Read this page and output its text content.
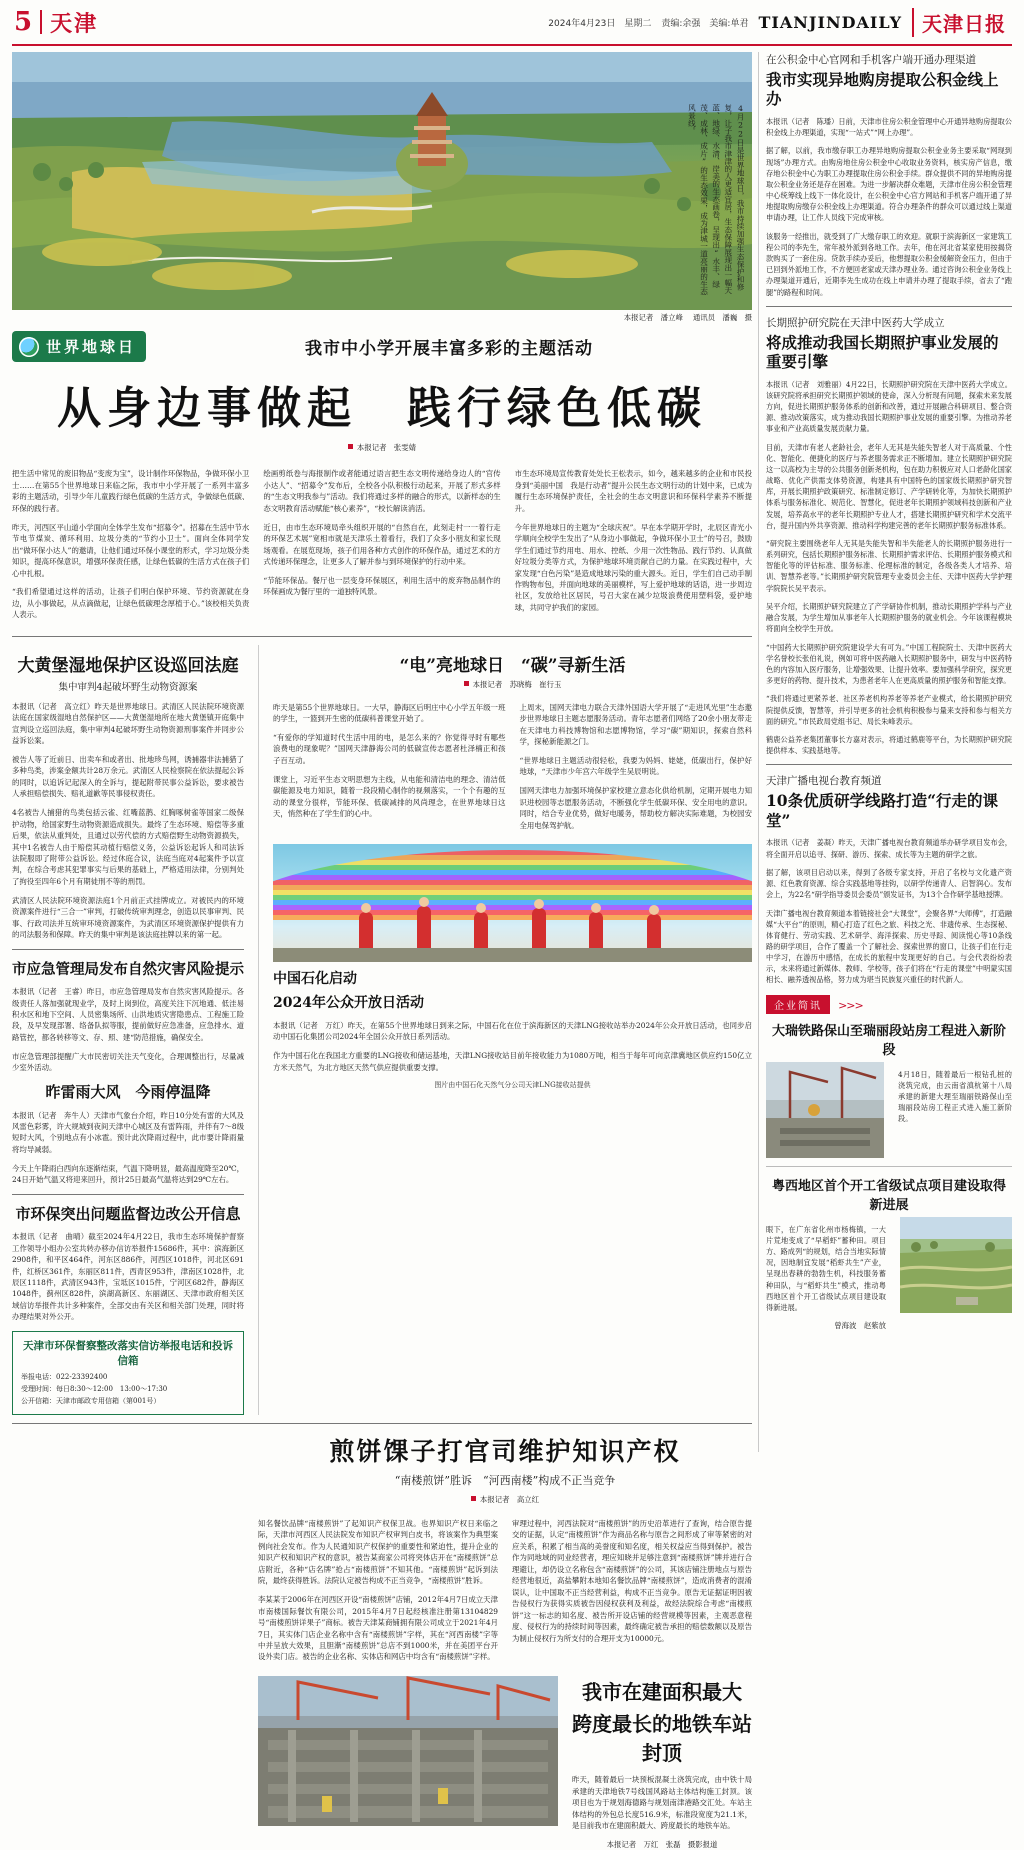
5 天津	2024年4月23日　星期二 责编:余强　美编:单君 TIANJINDAILY	天津日报
4月22日是世界地球日，我市持续加强生态保护和修复，让子我市津津的人更适宜居，生态保障展现出一幅天蓝、地绿、水清、岸美的生态画卷，呈现出“水丰、绿茂、成林、成片”的生态效果，成为津城一道亮丽的生态风景线。
本报记者　潘立峰 通讯员　潘巍　摄
世界地球日	我市中小学开展丰富多彩的主题活动
从身边事做起　践行绿色低碳
本报记者　张雯婧

把生活中常见的废旧物品“变废为宝”，设计制作环保物品，争做环保小卫士……在第55个世界地球日来临之际，我市中小学开展了一系列丰富多彩的主题活动，引导少年儿童践行绿色低碳的生活方式，争做绿色低碳、环保的践行者。

昨天，河西区平山道小学面向全体学生发布“招募令”。招募在生活中节水节电节煤炭、循环利用、垃圾分类的“节约小卫士”。面向全体同学发出“做环保小达人”的邀请，让他们通过环保小课堂的形式，学习垃圾分类知识，提高环保意识，增强环保责任感，让绿色低碳的生活方式在孩子们心中扎根。

“我们希望通过这样的活动，让孩子们明白保护环境、节约资源就在身边，从小事做起，从点滴做起，让绿色低碳理念厚植于心。”该校相关负责人表示。

绘画剪纸卷与海报制作或者能通过语言把生态文明传递给身边人的“官传小达人”、“招募令”发布后，全校各小队积极行动起来，开展了形式多样的“生态文明我参与”活动。我们将通过多样的融合的形式，以新样态的生态文明教育活动赋能“核心素养”，“校长解读消活。

近日，由市生态环境局牵头组织开展的“自然自在，此刻走村一一着行走的环保艺术展”宽相市就是天津乐土着看行，我们了众多小朋友和家长现场观看。在展览现场，孩子们用各种方式创作的环保作品，通过艺术的方式传递环保理念，让更多人了解并参与到环境保护的行动中来。

“节能环保品。餐厅也一层变身环保展区，利用生活中的废弃物品制作的环保画成为餐厅里的一道独特风景。

市生态环境局宣传教育处处长王松表示，如今，越来越多的企业和市民投身到“美丽中国　我是行动者”提升公民生态文明行动的计划中来，已成为履行生态环境保护责任，全社会的生态文明意识和环保科学素养不断提升。

今年世界地球日的主题为“全球庆祝”。早在本学期开学时，北辰区青光小学顺向全校学生发出了“从身边小事做起，争做环保小卫士”的号召，鼓励学生们通过节约用电、用水、控纸、少用一次性物品、践行节约、认真做好垃圾分类等方式，为保护地球环境贡献自己的力量。在实践过程中，大家发现“白色污染”是造成地球污染的重大源头。近日，学生们自己动手制作购物布包，并面向地球的美丽模样，写上爱护地球的话语，进一步周边社区，发放给社区居民，号召大家在减少垃圾浪费使用塑料袋，爱护地球，共同守护我们的家园。

大黄堡湿地保护区设巡回法庭
集中审判4起破坏野生动物资源案

本报讯（记者　高立红）昨天是世界地球日。武清区人民法院环境资源法庭在国家级湿地自然保护区——大黄堡湿地所在地大黄堡镇开庭集中宣判设立巡回法庭，集中审判4起破坏野生动物资源刑事案件并同步公益诉讼案。

被告人等了近前日、出卖车和或者出、批地珍鸟网，诱捕器非法捕猎了多种鸟类，涉案金额共计28万余元。武清区人民检察院在依法提起公诉的同时，以追诉记起深入的全诉与，提起附带民事公益诉讼，要求被告人承担赔偿损失、赔礼道歉等民事侵权责任。

4名被告人捕猎的鸟类包括云雀、红嘴蓝鹊、红胸啄树雀等国家二级保护动物，给国家野生动物资源造成损失。最终了生态环境、赔偿等多重后果，依法从重判处，且通过以劳代偿的方式赔偿野生动物资源损失，其中1名被告人由于赔偿其动植行赔偿义务，公益诉讼起诉人和司法诉法院服即了附带公益诉讼。经过休庭合议，法庭当庭对4起案件予以宣判，在综合考虑其犯罪事实与后果的基础上，严格适用法律，分别判处了拘役至四年6个月有期徒刑不等的刑罚。

武清区人民法院环境资源法庭1个月前正式挂牌成立。对被民内的环境资源案件进行“三合一”审判，打破传统审判理念，创造以民事审判、民事、行政司法并互统审环境资源案件，为武清区环境资源保护提供有力的司法服务和保障。昨天的集中审判是该法庭挂牌以来的第一起。

市应急管理局发布自然灾害风险提示

本报讯（记者　王睿）昨日，市应急管理局发布自然灾害风险提示。各级责任人落加强就现业学，及时上岗到位，高度关注下沉地通、低洼易积水区和地下空间、人员密集场所、山洪地质灾害隐患点、工程施工险段，及早发现部署、络备队拟等服，提前做好应急准备，应急排水、道路管控，都各转移等文、存、照、建“防范措施，确保安全。

市应急管理部提醒广大市民密切关注天气变化，合理调整出行，尽量减少室外活动。

昨雷雨大风　今雨停温降

本报讯（记者　奔牛人）天津市气象台介绍，昨日10分处有雷的大风及风雷色彩雾，许大规城到夜间天津中心城区及有雷阵雨，并伴有7～8级短时大风，个别地点有小冰雹。预计此次降雨过程中，此市要计降雨量将均导减弱。

今天上午降雨白西向东逐渐结束，气温下降明显，最高温度降至20℃，24日开始气温又将迎来回升，预计25日最高气温将达到29℃左右。

市环保突出问题监督边改公开信息

本报讯（记者　曲晴）截至2024年4月22日，我市生态环境保护督察工作领导小组办公室共转办移办信访举报件15686件，其中：滨海新区2908件，和平区464件，河东区886件，河西区1018件，河北区691件，红桥区361件，东丽区811件，西青区953件，津南区1028件，北辰区1118件，武清区943件，宝坻区1015件，宁河区682件，静海区1048件，蓟州区828件，滨湖高新区、东丽湖区、天津市政府相关区域信访举报件共计多种案件，全部交由有关区和相关部门处理，同时将办理结果对外公开。

天津市环保督察整改落实信访举报电话和投诉信箱
举报电话：022-23392400
受理时间：每日8:30～12:00　13:00～17:30
公开信箱：天津市邮政专用信箱（第001号）
“电”亮地球日　“碳”寻新生活
本报记者　苏晓梅　崔行玉

昨天是第55个世界地球日。一大早，静海区后明庄中心小学五年级一班的学生，一篮到开生密的低碳科普课堂开始了。

“有爱你的学知道时代生活中用的电，是怎么来的？你觉得寻时有哪些浪费电的现象呢？”国网天津静海公司的低碳宣传志愿者杜泽楠正和孩子百互动。

课堂上，习近平生态文明思想为主线，从电能和清洁电的理念、清洁低碳能源及电力知识，随着一段段精心制作的视频落实，一个个有趣的互动的课堂分很样，节能环保、低碳减排的风尚理念，在世界地球日这天，悄然种在了学生们的心中。

上周末，国网天津电力联合天津外国语大学开展了“走进风光里”生态邀步世界地球日主题志愿服务活动。青年志愿者们网络了20余小朋友带走在天津电力科技博物馆和志愿博物馆，学习“碳”期知识，探索自然科学，探秘新能源之门。

“世界地球日主题活动很轻松，我要为妈妈、姥姥，低碳出行，保护好地球，“天津市少年宫六年级学生吴辰明说。

国网天津电力加强环境保护家校建立意态化供给机制，定期开展电力知识进校园等志愿服务活动，不断强化学生低碳环保、安全用电的意识。同时，结合专业优势，做好电暖务，帮助校方解决实际难题，为校园安全用电保驾护航。

中国石化启动
2024年公众开放日活动

本报讯（记者　万红）昨天，在第55个世界地球日到来之际，中国石化在位于滨海新区的天津LNG接收站举办2024年公众开放日活动，也同步启动中国石化集团公司2024年全国公众开放日系列活动。

作为中国石化在我国北方重要的LNG接收和储运基地，天津LNG接收站目前年接收能力为1080万吨，相当于每年可向京津冀地区供应约150亿立方米天然气，为北方地区天然气供应提供重要支撑。

图片由中国石化天然气分公司天津LNG接收站提供
煎饼馃子打官司维护知识产权
“南楼煎饼”胜诉　“河西南楼”构成不正当竞争
本报记者　高立红

知名餐饮品牌“南楼煎饼”了起知识产权保卫战。也界知识产权日来临之际，天津市河西区人民法院发布知识产权审判白皮书，将该案作为典型案例向社会发布。作为人民通知识产权保护的重要性和紧迫性，提升企业的知识产权和知识产权的意识，被告某商家公司将突体店开在“南楼煎饼”总店附近，各种“店名牌”抢占“南楼煎饼”不知其他。“南楼煎饼”起诉到法院，最终获得胜诉。法院认定被告构成不正当竞争，“南楼煎饼”胜诉。

李某某于2006年在河西区开设“南楼煎饼”店铺，2012年4月7日成立天津市南楼国际餐饮有限公司，2015年4月7日起经核准注册第13104829号“南楼煎饼详果子”商标。被告天津某商铺拥有限公司成立于2021年4月7日，其实体门店企业名称中含有“南楼煎饼”字样，其在“河西南楼”字等中并呈放大效果，且胆漸“南楼煎饼”总店不到1000米，并在美团平台开设外卖门店。被告的企业名称、实体店和网店中均含有“南楼煎饼”字样。

审理过程中，河西法院对“南楼煎饼”的历史沿革进行了查询，结合原告提交的证据，认定“南楼煎饼”作为商品名称与原告之间形成了审等紧密的对应关系，积累了相当高的美誉度和知名度，相关权益应当得到保护。被告作为同地域的同业经营者，理应知晓并足够注意到“南楼煎饼”牌并进行合理避让，却仍设立名称包含“南楼煎饼”的公司，其该店铺注册地点与原告经营地很近，高盐攀附本地知名餐饮品牌“南楼煎饼”，造成消费者的混淆误认，让中国取不正当经营利益，构成不正当竞争。原告无证据证明因被告侵权行为获得实质被告因侵权获利及利益，故经法院综合考虑“南楼煎饼”这一标志的知名度、被告所开设店铺的经营规模等因素，主观恶意程度、侵权行为的持续时间等因素，最终确定被告承担的赔偿数额以及原告为制止侵权行为所支付的合理开支为10000元。

我市在建面积最大
跨度最长的地铁车站封顶

昨天，随着最后一块预板混凝土浇筑完成，由中铁十局承建的天津地铁7号线国风路站主体结构施工封顶。该项目也为于规划海德路与规划南津港路交汇处。车站主体结构的外包总长度516.9米，标准段宽度为21.1米，是目前我市在建面积最大、跨度最长的地铁车站。

本报记者　万红　张磊　摄影报道
在公积金中心官网和手机客户端开通办理渠道
我市实现异地购房提取公积金线上办

本报讯（记者　陈璠）日前，天津市住房公积金管理中心开通异地购房提取公积金线上办理渠道，实现“一站式”“网上办理”。

据了解，以前，我市缴存职工办理异地购房提取公积金业务主要采取“网现到现场”办理方式。由购房地住房公积金中心收取业务资料，核实房产信息，缴存地公积金中心为职工办理提取住房公积金手续。群众提供不同的异地购房提取公积金业务还是存在困难。为进一步解决群众难题，天津市住房公积金管理中心统筹线上线下一体化设计，在公积金中心官方网站和手机客户端开通了异地提取购房缴存公积金线上办理渠道。符合办理条件的群众可以通过线上渠道申请办理，让工作人员线下完成审核。

该服务一经推出，就受到了广大缴存职工的欢迎。就职于滨海新区一家建筑工程公司的李先生，常年被外派到各地工作。去年，他在河北省某家使用按揭贷款购买了一套住房。贷款手续办妥后，他想提取公积金缓解资金压力，但由于已回到外派地工作，不方便回老家或天津办理业务。通过咨询公积金业务线上办理渠道开通后，近期李先生成功在线上申请并办理了提取手续，省去了“跑腿”的路程和时间。

长期照护研究院在天津中医药大学成立
将成推动我国长期照护事业发展的重要引擎

本报讯（记者　刘雅丽）4月22日，长期照护研究院在天津中医药大学成立。该研究院将承担研究长期照护领域的使命，深入分析现有问题，探索未来发展方向，促进长期照护服务体系的创新和改善，通过开展融合科研项目、整合资源、推动改策落实，成为推动我国长期照护事业发展的重要引擎。为推动养老事业和产业高质量发展贡献力量。

目前，天津市有老人老龄社会，老年人无其是失能失智老人对于高质量、个性化、智能化、便捷化的医疗与养老服务需求正不断增加。建立长期照护研究院这一以高校为主导的公共服务创新尧机构，包在助力积极应对人口老龄化国家战略、优化产供需支体势资源，构建具有中国特色的国家级长期照护研究智库，开展长期照护政策研究、标准制定修订、产学研转化等，为加快长期照护体系与服务标准化、规范化、智慧化，促进老年长期照护领域科技创新和产业发展，培养高水平的老年长期照护专业人才，搭建长期照护研究和学术交流平台，提升国内外共享资源、推动科学构建完善的老年长期照护服务标准体系。

“研究院主要围绕老年人无其是失能失智和半失能老人的长期照护服务进行一系列研究，包括长期照护服务标准、长期照护需求评估、长期照护服务模式和智能化等的评估标准、服务标准、伦理标准的制定，各级各类人才培养、培训、智慧养老等。”长期照护研究院管理专业委员会主任、天津中医药大学护理学院院长吴平表示。

吴平介绍，长期照护研究院建立了产学研协作机制，推动长期照护学科与产业融合发展，为学生增加从事老年人长期照护服务的就业机会。今年该课程模块将面向全校学生开放。

“中国药大长期照护研究院建设学大有可为。”中国工程院院士、天津中医药大学名誉校长张伯礼说，例如可将中医药融入长期照护服务中，研发与中医药特色的内容加入医疗服务，让增强效果、让提升效率。要加强科学研究，探究更多更好的药物、提升技术，为患者老年人在更高质量的照护服务和智能支撑。

“我们将通过更紧养老、社区养老机构养老等养老产业模式，给长期照护研究院提供反馈，智慧等，并引导更多的社会机构积极参与量来支持和参与相关方面的研究。”市民政局党组书记、局长朱峰表示。

鹤鹿公益养老集团董事长方嘉对表示，将通过鹤鹿等平台，为长期照护研究院提供样本、实践基地等。

天津广播电视台教育频道
10条优质研学线路打造“行走的课堂”

本报讯（记者　姜凝）昨天，天津广播电视台教育频道举办研学项目发布会，将全面开启以追寻、探研、游历、探索、成长等为主题的研学之旅。

据了解，该项目启动以来，得到了各级专家支持，开启了名校与文化遗产资源、红色教育资源、综合实践基地等挂钩，以研学传递青人、启智润心。发布会上，为22名“研学指导委员会委员”颁发证书，为13个合作研学基地授牌。

天津广播电视台教育频道本着链接社会“大课堂”，会聚各界“大师傅”，打造融媒“大平台”的原则，精心打造了红色之旅、科技之光、非遗传承、生态探秘、体育健行、劳动实践、艺术研学、海洋探索、历史寻踪、阅读悦心等10条线路的研学项目，合作了覆盖一个了解社会、探索世界的窗口，让孩子们在行走中学习，在游历中感悟，在成长的旅程中发现更好的自己。与会代表纷纷表示，未来将通过新媒体、教师、学校等，孩子们将在“行走的课堂”中明蒙实国相长、融养透视品格，努力成为堪当民族复兴重任的时代新人。

企业简讯 >>>
大瑞铁路保山至瑞丽段站房工程进入新阶段

4月18日，随着最后一根钻孔桩的浇筑完成，由云南省滇杭第十八局承建的新建大理至瑞丽铁路保山至瑞丽段站房工程正式进入施工新阶段。

粤西地区首个开工省级试点项目建设取得新进展

眼下，在广东省化州市杨梅镇，一大片荒地变成了“早稻虾”蓄种田。项目方、路成列“的规划，结合当地实际情况，因地制宜发展“稻虾共生”产业，呈现出春耕的勃勃生机，科技服务蓄种田队，与“稻虾共生”模式，推动粤西地区首个开工省级试点项目建设取得新进展。

曾海波　赵紫放
